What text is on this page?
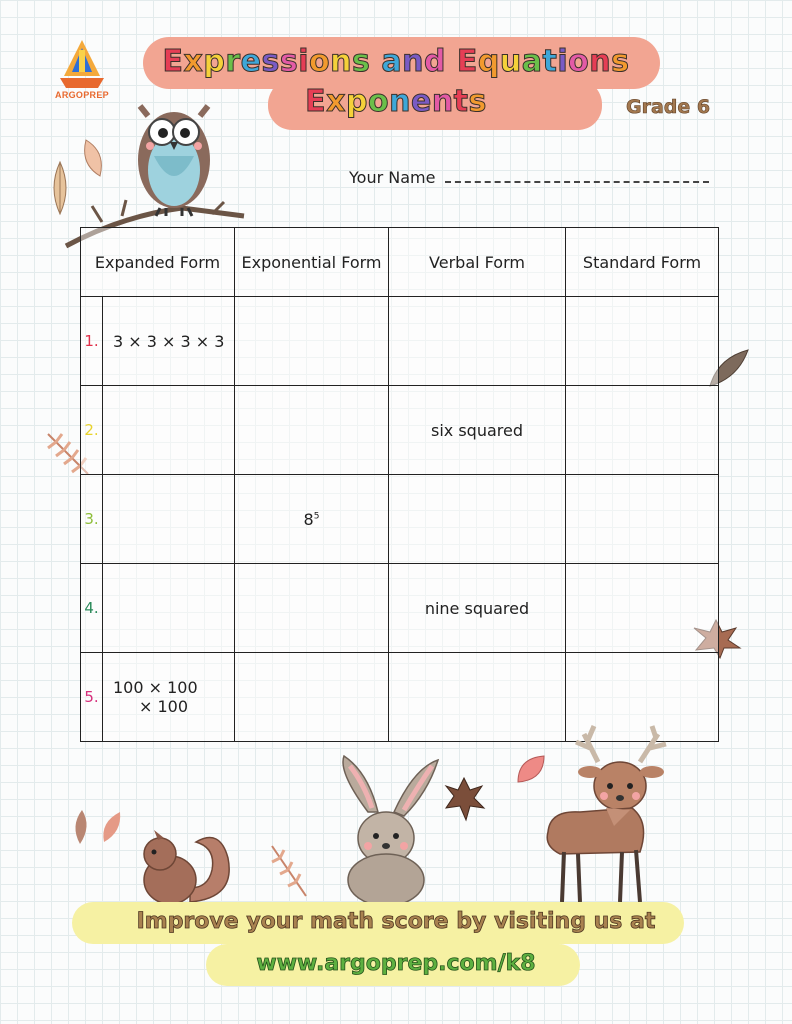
ARGOPREP
Expressions and Equations
Exponents	Grade 6
Your Name
Expanded Form		Exponential Form	Verbal Form	Standard Form
1.	3 × 3 × 3 × 3			
2.			six squared	
3.		$8^5$		
4.			nine squared	
5.	100 × 100
× 100			
Improve your math score by visiting us at
www.argoprep.com/k8
